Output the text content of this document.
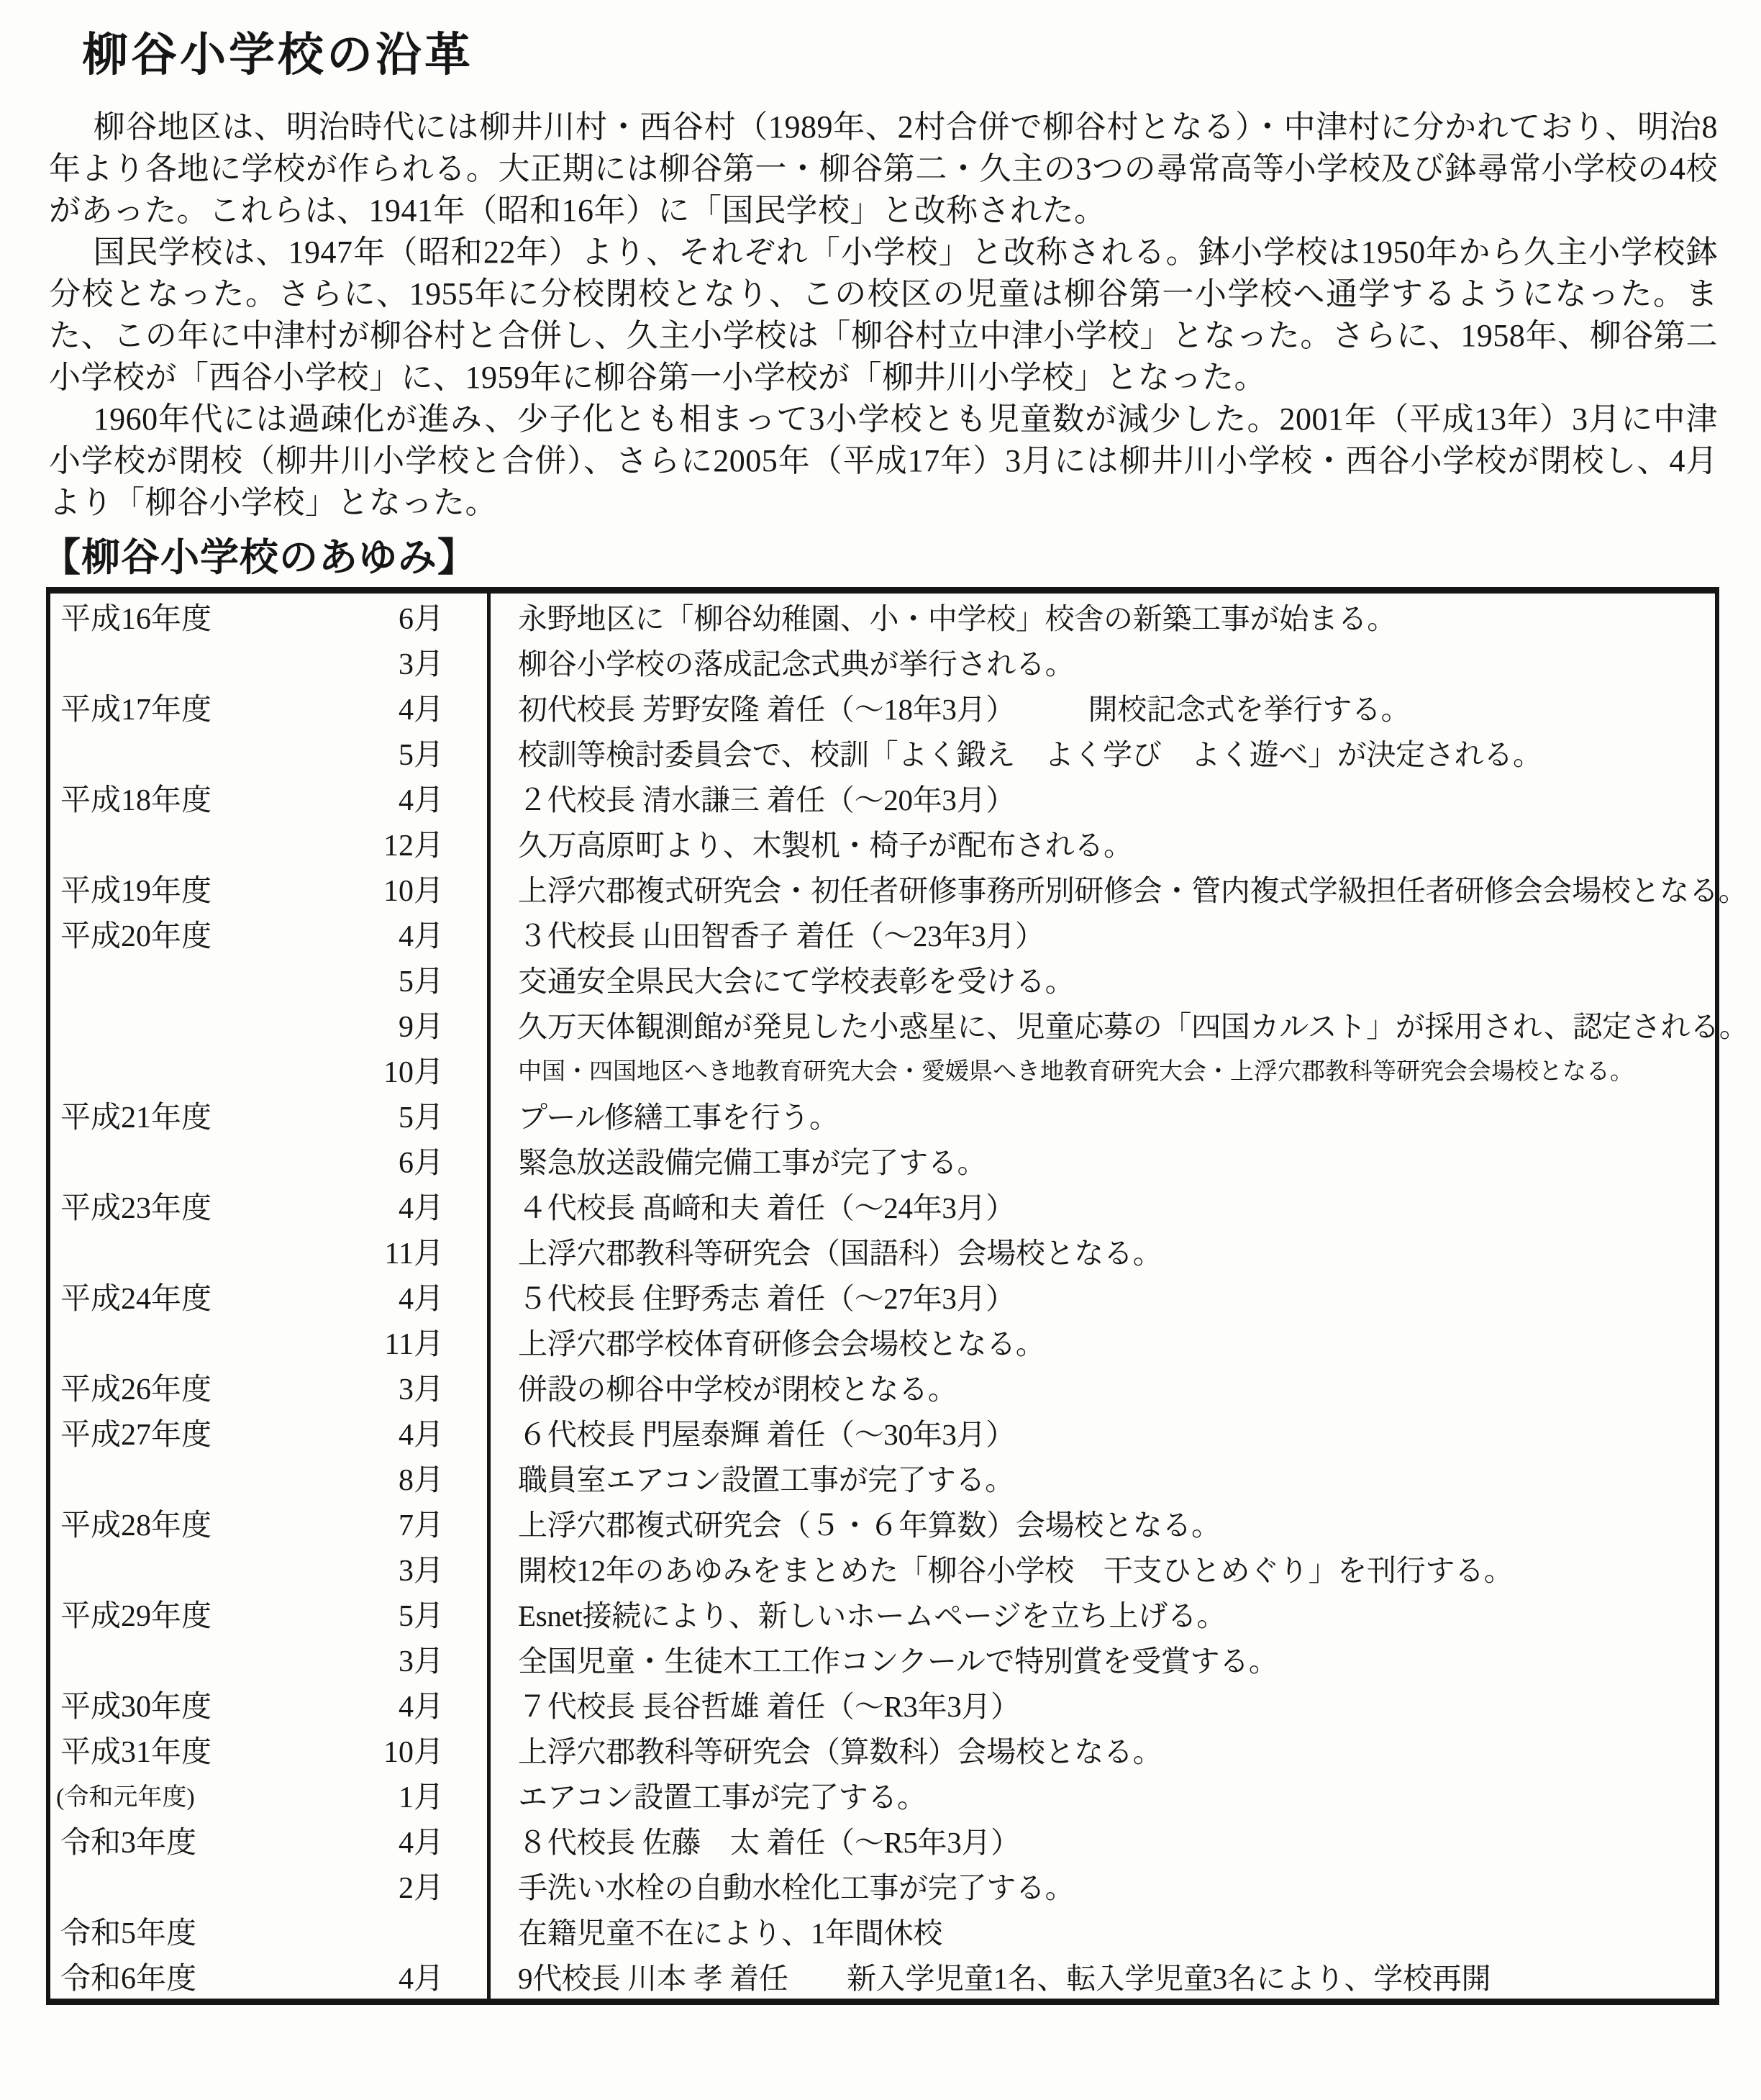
柳谷小学校の沿革

柳谷地区は、明治時代には柳井川村・西谷村（1989年、2村合併で柳谷村となる）・中津村に分かれており、明治8年より各地に学校が作られる。大正期には柳谷第一・柳谷第二・久主の3つの尋常高等小学校及び鉢尋常小学校の4校があった。これらは、1941年（昭和16年）に「国民学校」と改称された。

国民学校は、1947年（昭和22年）より、それぞれ「小学校」と改称される。鉢小学校は1950年から久主小学校鉢分校となった。さらに、1955年に分校閉校となり、この校区の児童は柳谷第一小学校へ通学するようになった。また、この年に中津村が柳谷村と合併し、久主小学校は「柳谷村立中津小学校」となった。さらに、1958年、柳谷第二小学校が「西谷小学校」に、1959年に柳谷第一小学校が「柳井川小学校」となった。

1960年代には過疎化が進み、少子化とも相まって3小学校とも児童数が減少した。2001年（平成13年）3月に中津小学校が閉校（柳井川小学校と合併）、さらに2005年（平成17年）3月には柳井川小学校・西谷小学校が閉校し、4月より「柳谷小学校」となった。

【柳谷小学校のあゆみ】
平成16年度	6月	永野地区に「柳谷幼稚園、小・中学校」校舎の新築工事が始まる。
3月	柳谷小学校の落成記念式典が挙行される。
平成17年度	4月	初代校長 芳野安隆 着任（～18年3月）　　　開校記念式を挙行する。
5月	校訓等検討委員会で、校訓「よく鍛え　よく学び　よく遊べ」が決定される。
平成18年度	4月	２代校長 清水謙三 着任（～20年3月）
12月	久万高原町より、木製机・椅子が配布される。
平成19年度	10月	上浮穴郡複式研究会・初任者研修事務所別研修会・管内複式学級担任者研修会会場校となる。
平成20年度	4月	３代校長 山田智香子 着任（～23年3月）
5月	交通安全県民大会にて学校表彰を受ける。
9月	久万天体観測館が発見した小惑星に、児童応募の「四国カルスト」が採用され、認定される。
10月	中国・四国地区へき地教育研究大会・愛媛県へき地教育研究大会・上浮穴郡教科等研究会会場校となる。
平成21年度	5月	プール修繕工事を行う。
6月	緊急放送設備完備工事が完了する。
平成23年度	4月	４代校長 髙﨑和夫 着任（～24年3月）
11月	上浮穴郡教科等研究会（国語科）会場校となる。
平成24年度	4月	５代校長 住野秀志 着任（～27年3月）
11月	上浮穴郡学校体育研修会会場校となる。
平成26年度	3月	併設の柳谷中学校が閉校となる。
平成27年度	4月	６代校長 門屋泰輝 着任（～30年3月）
8月	職員室エアコン設置工事が完了する。
平成28年度	7月	上浮穴郡複式研究会（５・６年算数）会場校となる。
3月	開校12年のあゆみをまとめた「柳谷小学校　干支ひとめぐり」を刊行する。
平成29年度	5月	Esnet接続により、新しいホームページを立ち上げる。
3月	全国児童・生徒木工工作コンクールで特別賞を受賞する。
平成30年度	4月	７代校長 長谷哲雄 着任（～R3年3月）
平成31年度	10月	上浮穴郡教科等研究会（算数科）会場校となる。
(令和元年度)	1月	エアコン設置工事が完了する。
令和3年度	4月	８代校長 佐藤　太 着任（～R5年3月）
2月	手洗い水栓の自動水栓化工事が完了する。
令和5年度	在籍児童不在により、1年間休校
令和6年度	4月	9代校長 川本 孝 着任　　新入学児童1名、転入学児童3名により、学校再開
